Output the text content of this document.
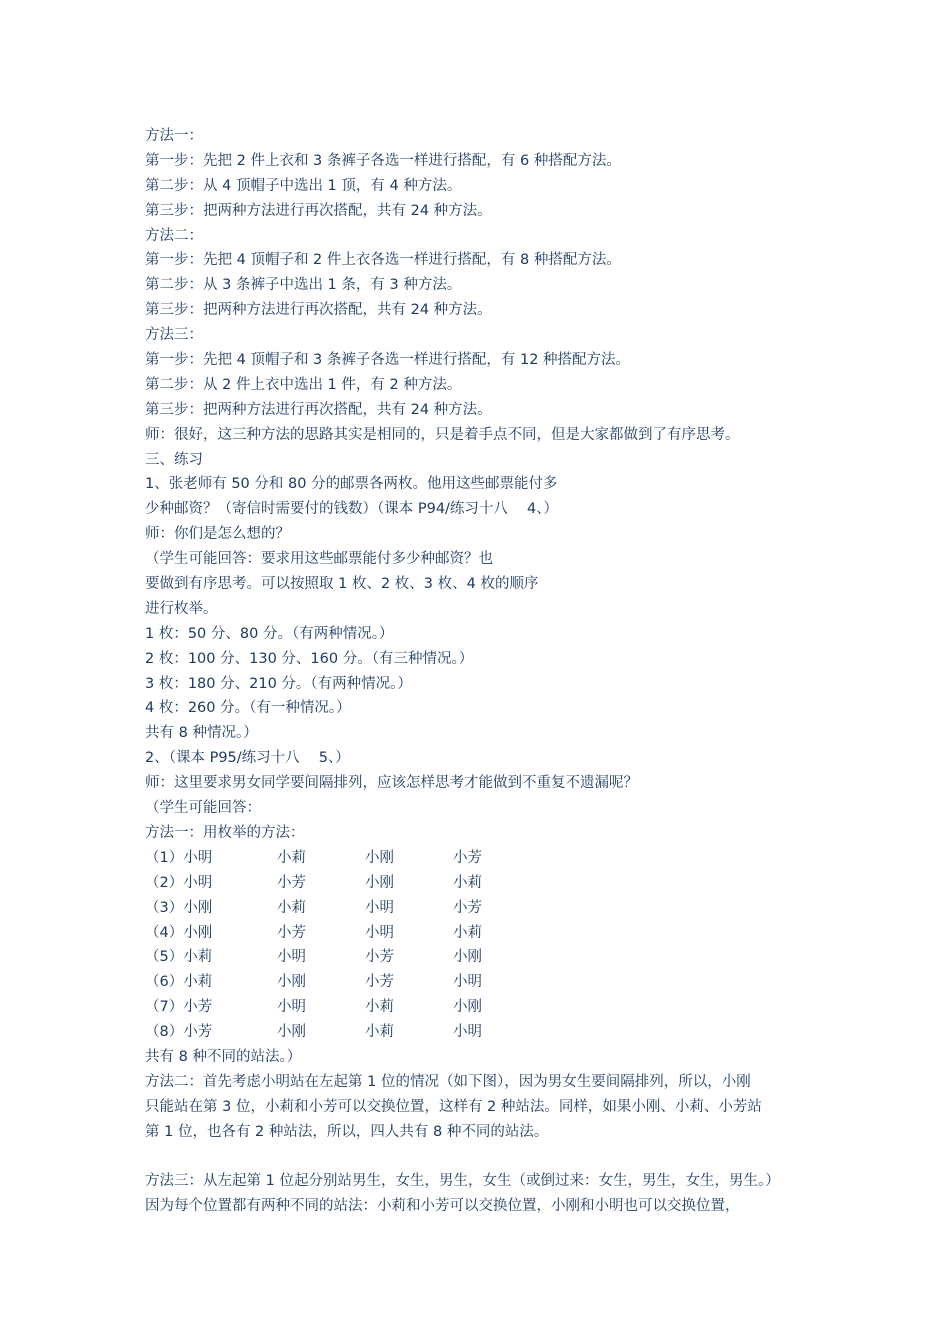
方法一：
第一步：先把 2 件上衣和 3 条裤子各选一样进行搭配，有 6 种搭配方法。
第二步：从 4 顶帽子中选出 1 顶，有 4 种方法。
第三步：把两种方法进行再次搭配，共有 24 种方法。
方法二：
第一步：先把 4 顶帽子和 2 件上衣各选一样进行搭配，有 8 种搭配方法。
第二步：从 3 条裤子中选出 1 条，有 3 种方法。
第三步：把两种方法进行再次搭配，共有 24 种方法。
方法三：
第一步：先把 4 顶帽子和 3 条裤子各选一样进行搭配，有 12 种搭配方法。
第二步：从 2 件上衣中选出 1 件，有 2 种方法。
第三步：把两种方法进行再次搭配，共有 24 种方法。
师：很好，这三种方法的思路其实是相同的，只是着手点不同，但是大家都做到了有序思考。
三、练习
1、张老师有 50 分和 80 分的邮票各两枚。他用这些邮票能付多
少种邮资？（寄信时需要付的钱数）（课本 P94/练习十八　 4、）
师：你们是怎么想的？
（学生可能回答：要求用这些邮票能付多少种邮资？也
要做到有序思考。可以按照取 1 枚、2 枚、3 枚、4 枚的顺序
进行枚举。
1 枚：50 分、80 分。（有两种情况。）
2 枚：100 分、130 分、160 分。（有三种情况。）
3 枚：180 分、210 分。（有两种情况。）
4 枚：260 分。（有一种情况。）
共有 8 种情况。）
2、（课本 P95/练习十八　 5、）
师：这里要求男女同学要间隔排列，应该怎样思考才能做到不重复不遗漏呢？
（学生可能回答：
方法一：用枚举的方法：
（1）小明	小莉	小刚	小芳
（2）小明	小芳	小刚	小莉
（3）小刚	小莉	小明	小芳
（4）小刚	小芳	小明	小莉
（5）小莉	小明	小芳	小刚
（6）小莉	小刚	小芳	小明
（7）小芳	小明	小莉	小刚
（8）小芳	小刚	小莉	小明
共有 8 种不同的站法。）
方法二：首先考虑小明站在左起第 1 位的情况（如下图），因为男女生要间隔排列，所以，小刚
只能站在第 3 位，小莉和小芳可以交换位置，这样有 2 种站法。同样，如果小刚、小莉、小芳站
第 1 位，也各有 2 种站法，所以，四人共有 8 种不同的站法。
方法三：从左起第 1 位起分别站男生，女生，男生，女生（或倒过来：女生，男生，女生，男生。）
因为每个位置都有两种不同的站法：小莉和小芳可以交换位置，小刚和小明也可以交换位置，
